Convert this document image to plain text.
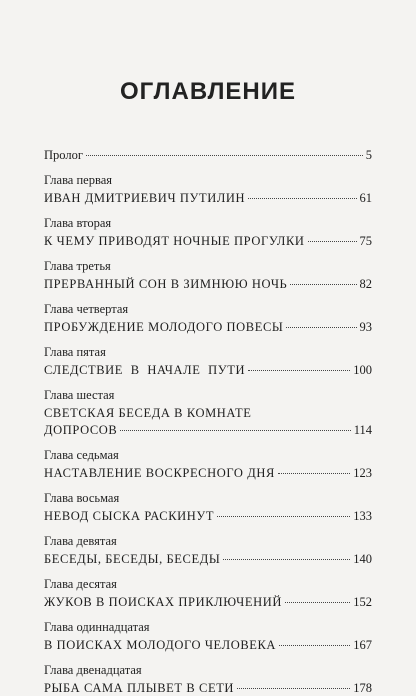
ОГЛАВЛЕНИЕ
Пролог	5
Глава первая
ИВАН ДМИТРИЕВИЧ ПУТИЛИН	61
Глава вторая
К ЧЕМУ ПРИВОДЯТ НОЧНЫЕ ПРОГУЛКИ	75
Глава третья
ПРЕРВАННЫЙ СОН В ЗИМНЮЮ НОЧЬ	82
Глава четвертая
ПРОБУЖДЕНИЕ МОЛОДОГО ПОВЕСЫ	93
Глава пятая
СЛЕДСТВИЕ В НАЧАЛЕ ПУТИ	100
Глава шестая
СВЕТСКАЯ БЕСЕДА В КОМНАТЕ
ДОПРОСОВ	114
Глава седьмая
НАСТАВЛЕНИЕ ВОСКРЕСНОГО ДНЯ	123
Глава восьмая
НЕВОД СЫСКА РАСКИНУТ	133
Глава девятая
БЕСЕДЫ, БЕСЕДЫ, БЕСЕДЫ	140
Глава десятая
ЖУКОВ В ПОИСКАХ ПРИКЛЮЧЕНИЙ	152
Глава одиннадцатая
В ПОИСКАХ МОЛОДОГО ЧЕЛОВЕКА	167
Глава двенадцатая
РЫБА САМА ПЛЫВЕТ В СЕТИ	178
